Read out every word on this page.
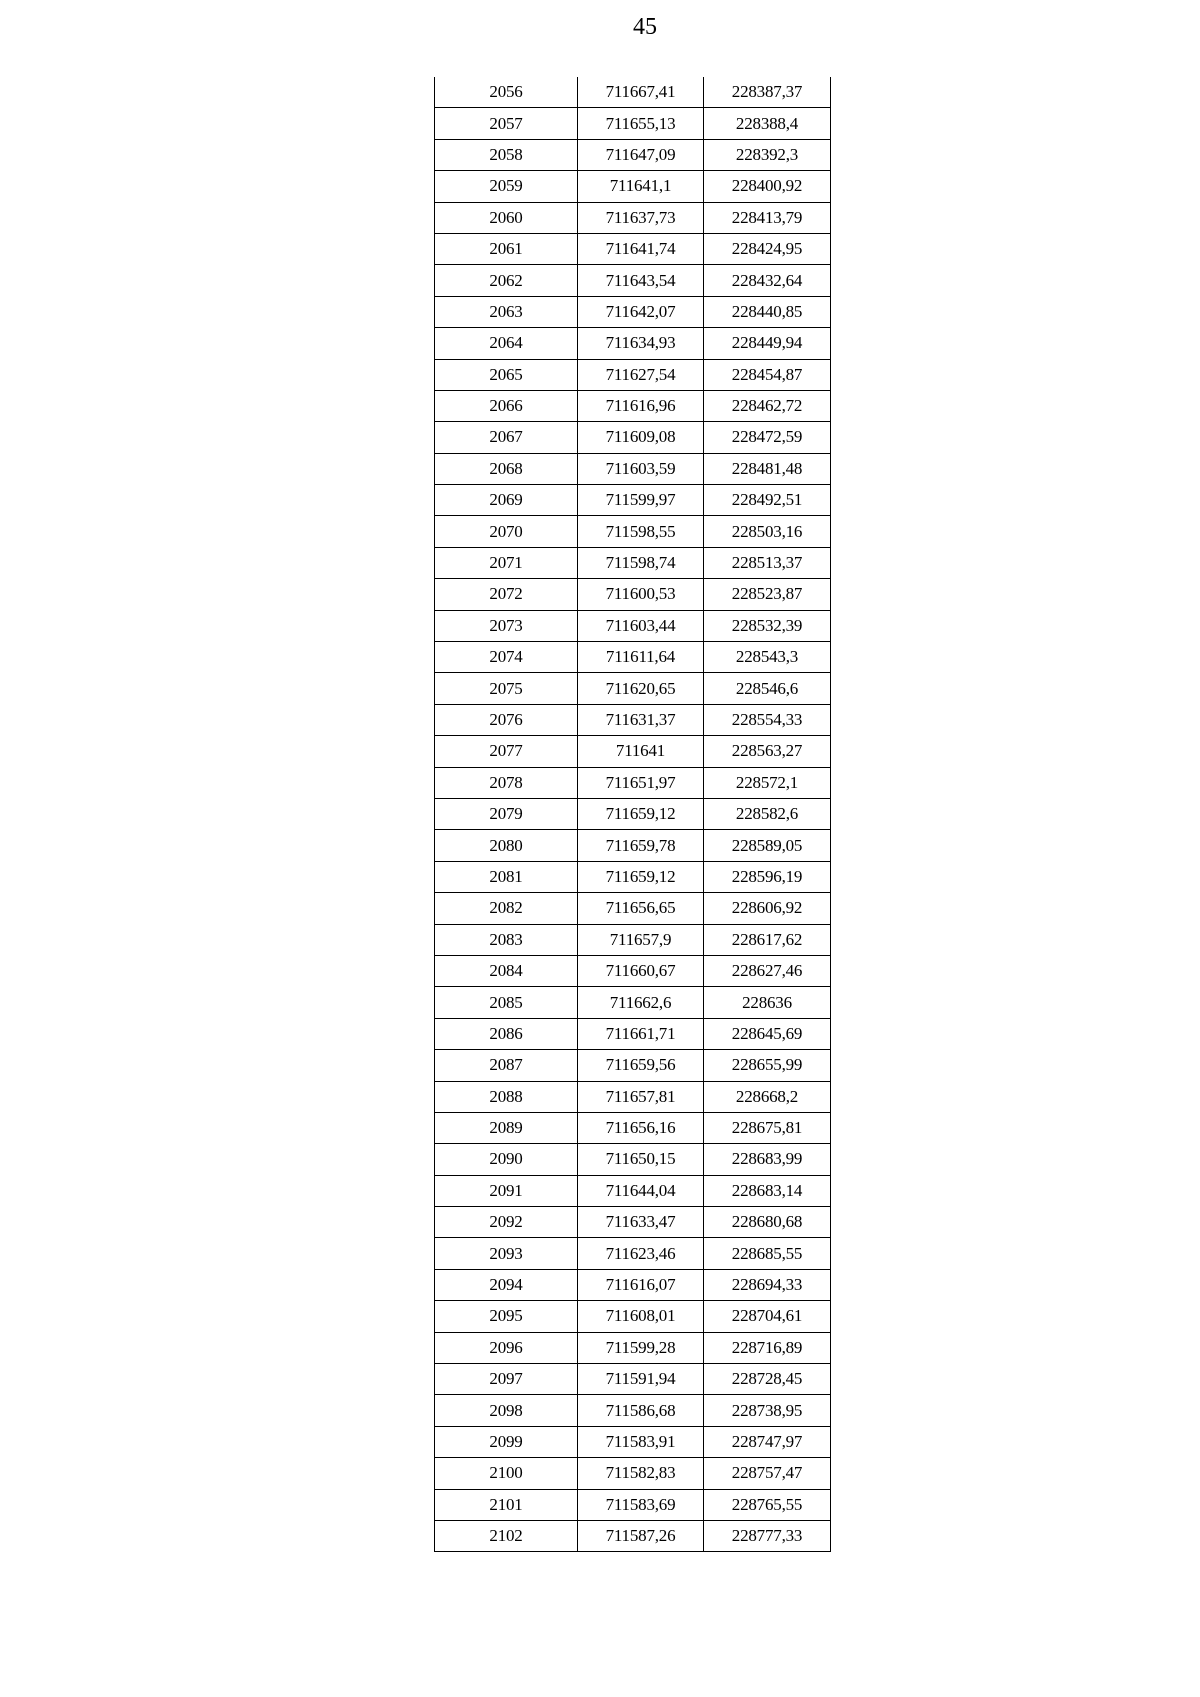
45
2056	711667,41	228387,37
2057	711655,13	228388,4
2058	711647,09	228392,3
2059	711641,1	228400,92
2060	711637,73	228413,79
2061	711641,74	228424,95
2062	711643,54	228432,64
2063	711642,07	228440,85
2064	711634,93	228449,94
2065	711627,54	228454,87
2066	711616,96	228462,72
2067	711609,08	228472,59
2068	711603,59	228481,48
2069	711599,97	228492,51
2070	711598,55	228503,16
2071	711598,74	228513,37
2072	711600,53	228523,87
2073	711603,44	228532,39
2074	711611,64	228543,3
2075	711620,65	228546,6
2076	711631,37	228554,33
2077	711641	228563,27
2078	711651,97	228572,1
2079	711659,12	228582,6
2080	711659,78	228589,05
2081	711659,12	228596,19
2082	711656,65	228606,92
2083	711657,9	228617,62
2084	711660,67	228627,46
2085	711662,6	228636
2086	711661,71	228645,69
2087	711659,56	228655,99
2088	711657,81	228668,2
2089	711656,16	228675,81
2090	711650,15	228683,99
2091	711644,04	228683,14
2092	711633,47	228680,68
2093	711623,46	228685,55
2094	711616,07	228694,33
2095	711608,01	228704,61
2096	711599,28	228716,89
2097	711591,94	228728,45
2098	711586,68	228738,95
2099	711583,91	228747,97
2100	711582,83	228757,47
2101	711583,69	228765,55
2102	711587,26	228777,33
